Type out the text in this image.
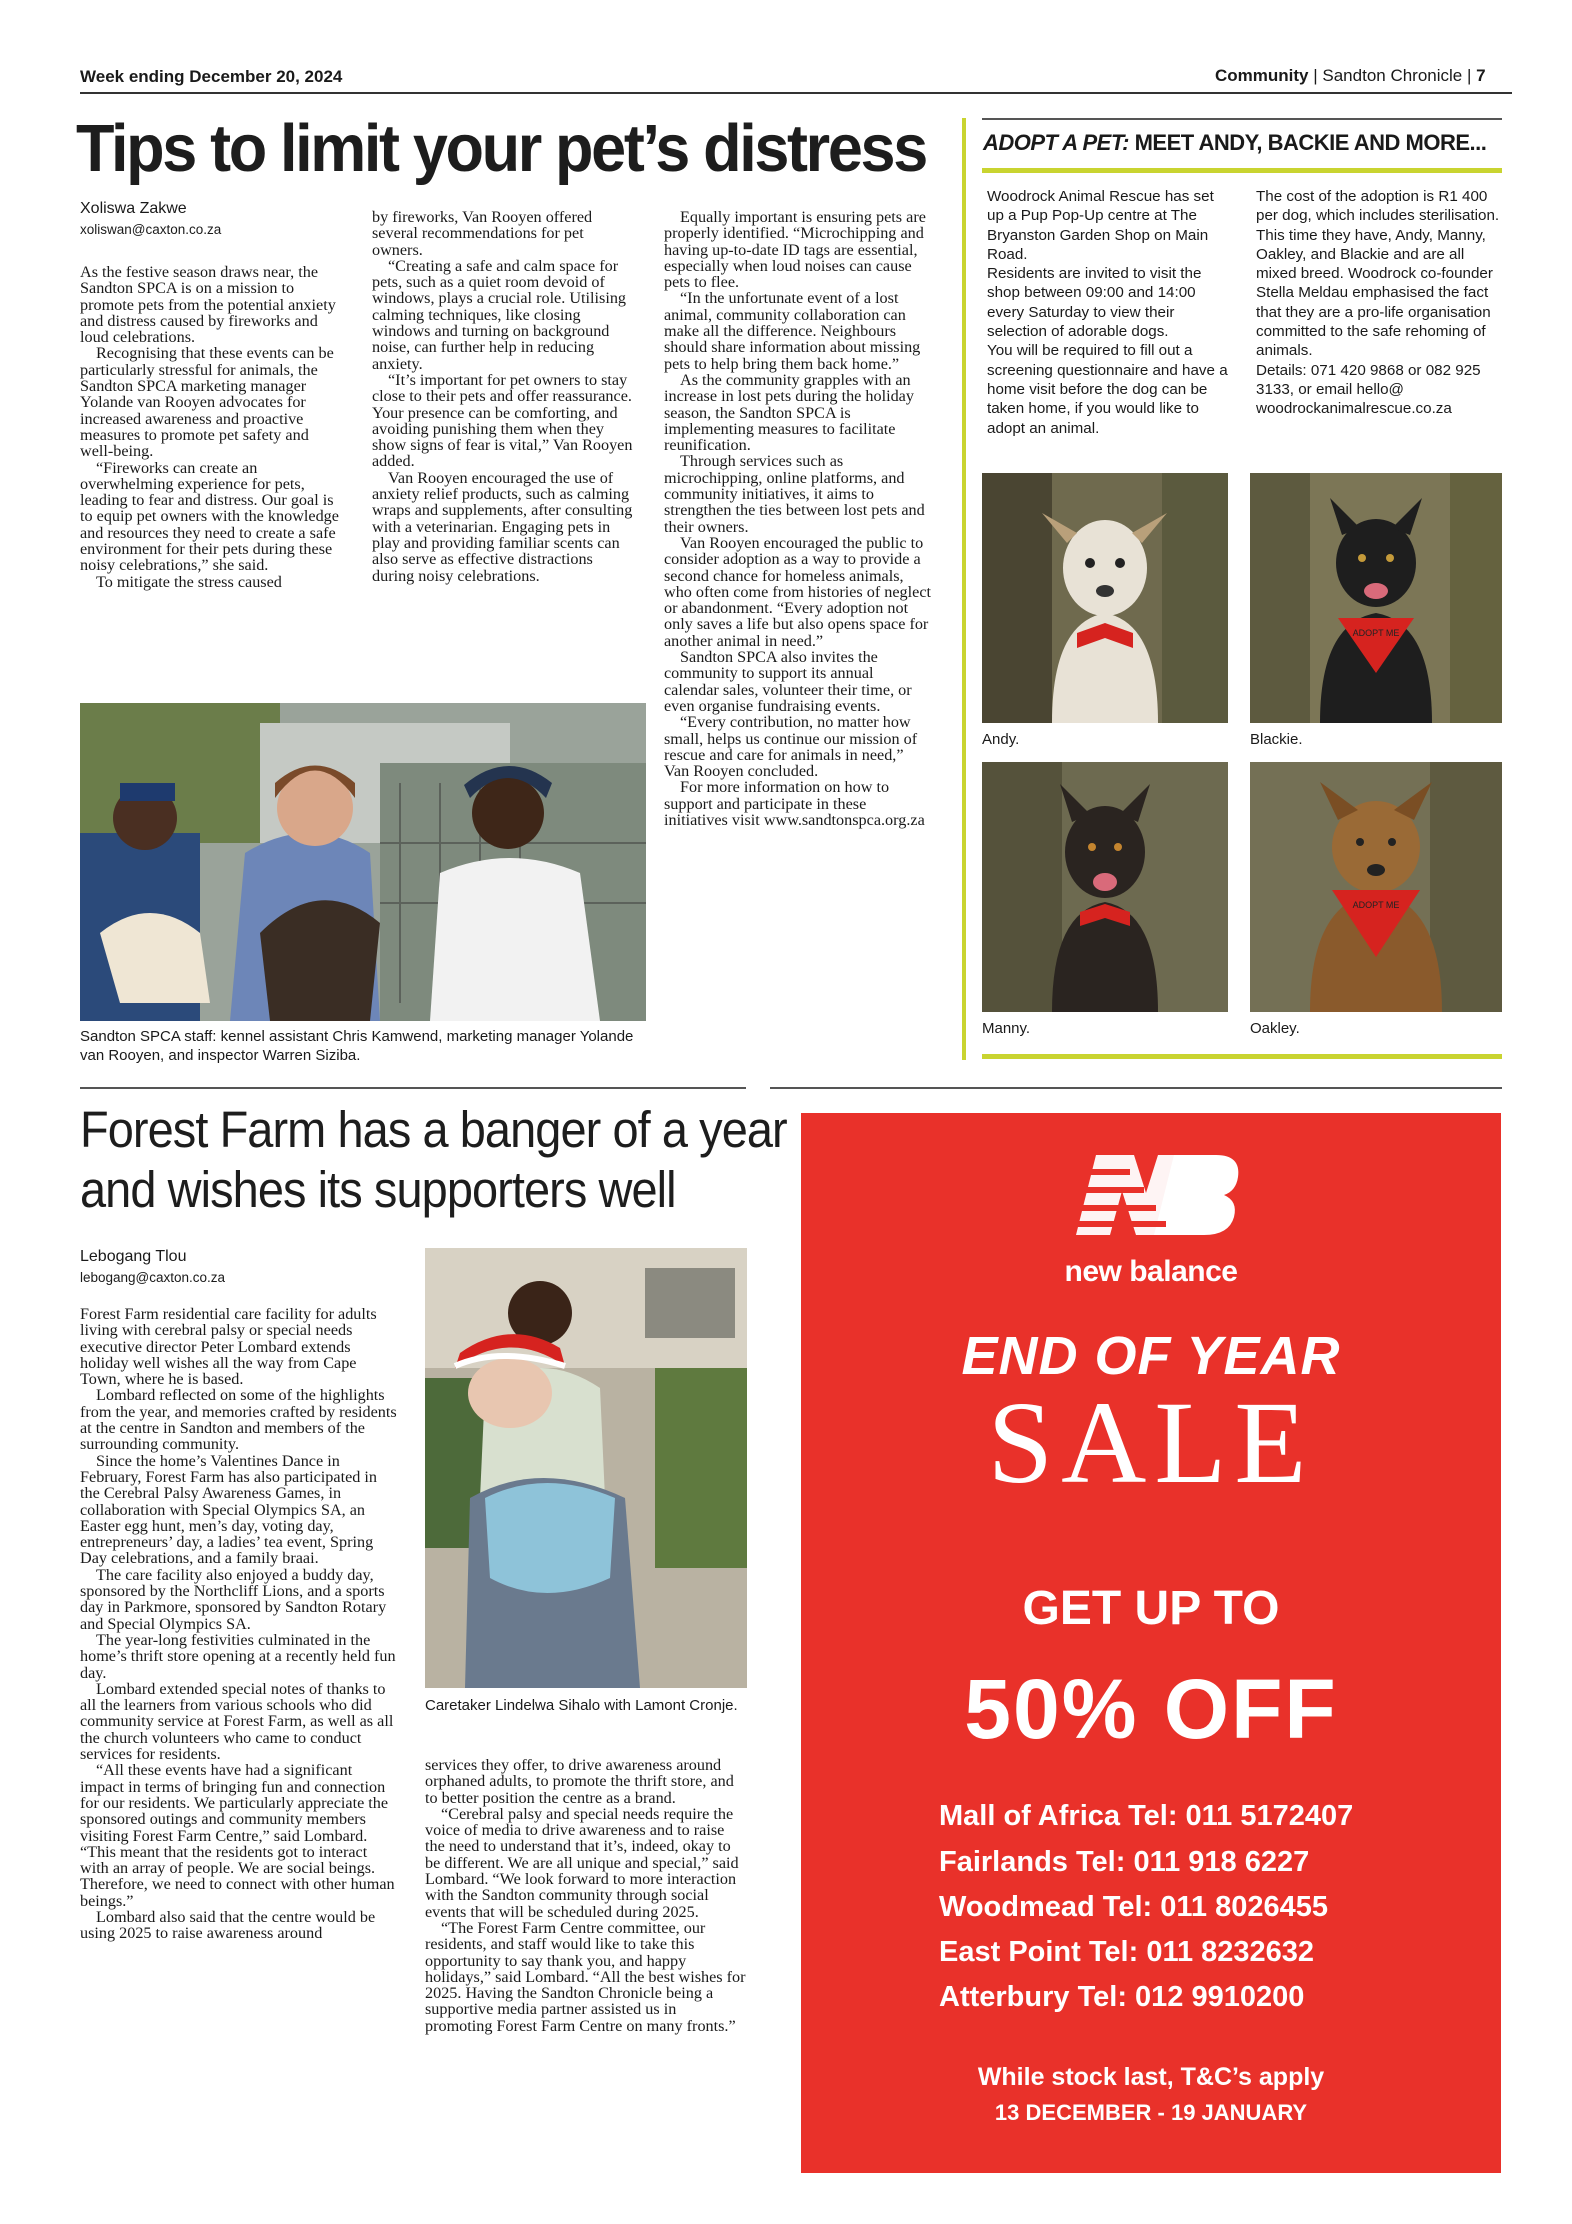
Week ending December 20, 2024	Community | Sandton Chronicle | 7
Tips to limit your pet’s distress
Xoliswa Zakwe
xoliswan@caxton.co.za

As the festive season draws near, the Sandton SPCA is on a mission to promote pets from the potential anxiety and distress caused by fireworks and loud celebrations.

Recognising that these events can be particularly stressful for animals, the Sandton SPCA marketing manager Yolande van Rooyen advocates for increased awareness and proactive measures to promote pet safety and well-being.

“Fireworks can create an overwhelming experience for pets, leading to fear and distress. Our goal is to equip pet owners with the knowledge and resources they need to create a safe environment for their pets during these noisy celebrations,” she said.

To mitigate the stress caused

by fireworks, Van Rooyen offered several recommendations for pet owners.

“Creating a safe and calm space for pets, such as a quiet room devoid of windows, plays a crucial role. Utilising calming techniques, like closing windows and turning on background noise, can further help in reducing anxiety.

“It’s important for pet owners to stay close to their pets and offer reassurance. Your presence can be comforting, and avoiding punishing them when they show signs of fear is vital,” Van Rooyen added.

Van Rooyen encouraged the use of anxiety relief products, such as calming wraps and supplements, after consulting with a veterinarian. Engaging pets in play and providing familiar scents can also serve as effective distractions during noisy celebrations.

Equally important is ensuring pets are properly identified. “Microchipping and having up-to-date ID tags are essential, especially when loud noises can cause pets to flee.

“In the unfortunate event of a lost animal, community collaboration can make all the difference. Neighbours should share information about missing pets to help bring them back home.”

As the community grapples with an increase in lost pets during the holiday season, the Sandton SPCA is implementing measures to facilitate reunification.

Through services such as microchipping, online platforms, and community initiatives, it aims to strengthen the ties between lost pets and their owners.

Van Rooyen encouraged the public to consider adoption as a way to provide a second chance for homeless animals, who often come from histories of neglect or abandonment. “Every adoption not only saves a life but also opens space for another animal in need.”

Sandton SPCA also invites the community to support its annual calendar sales, volunteer their time, or even organise fundraising events.

“Every contribution, no matter how small, helps us continue our mission of rescue and care for animals in need,” Van Rooyen concluded.

For more information on how to support and participate in these initiatives visit www.sandtonspca.org.za

Sandton SPCA staff: kennel assistant Chris Kamwend, marketing manager Yolande van Rooyen, and inspector Warren Siziba.
ADOPT A PET: MEET ANDY, BACKIE AND MORE...

Woodrock Animal Rescue has set up a Pup Pop-Up centre at The Bryanston Garden Shop on Main Road.

Residents are invited to visit the shop between 09:00 and 14:00 every Saturday to view their selection of adorable dogs.

You will be required to fill out a screening questionnaire and have a home visit before the dog can be taken home, if you would like to adopt an animal.

The cost of the adoption is R1 400 per dog, which includes sterilisation.

This time they have, Andy, Manny, Oakley, and Blackie and are all mixed breed. Woodrock co-founder Stella Meldau emphasised the fact that they are a pro-life organisation committed to the safe rehoming of animals.

Details: 071 420 9868 or 082 925 3133, or email hello@ woodrockanimalrescue.co.za

Andy.
ADOPT ME
Blackie.
Manny.
ADOPT ME
Oakley.
Forest Farm has a banger of a year
and wishes its supporters well
Lebogang Tlou
lebogang@caxton.co.za

Forest Farm residential care facility for adults living with cerebral palsy or special needs executive director Peter Lombard extends holiday well wishes all the way from Cape Town, where he is based.

Lombard reflected on some of the highlights from the year, and memories crafted by residents at the centre in Sandton and members of the surrounding community.

Since the home’s Valentines Dance in February, Forest Farm has also participated in the Cerebral Palsy Awareness Games, in collaboration with Special Olympics SA, an Easter egg hunt, men’s day, voting day, entrepreneurs’ day, a ladies’ tea event, Spring Day celebrations, and a family braai.

The care facility also enjoyed a buddy day, sponsored by the Northcliff Lions, and a sports day in Parkmore, sponsored by Sandton Rotary and Special Olympics SA.

The year-long festivities culminated in the home’s thrift store opening at a recently held fun day.

Lombard extended special notes of thanks to all the learners from various schools who did community service at Forest Farm, as well as all the church volunteers who came to conduct services for residents.

“All these events have had a significant impact in terms of bringing fun and connection for our residents. We particularly appreciate the sponsored outings and community members visiting Forest Farm Centre,” said Lombard. “This meant that the residents got to interact with an array of people. We are social beings. Therefore, we need to connect with other human beings.”

Lombard also said that the centre would be using 2025 to raise awareness around

Caretaker Lindelwa Sihalo with Lamont Cronje.

services they offer, to drive awareness around orphaned adults, to promote the thrift store, and to better position the centre as a brand.

“Cerebral palsy and special needs require the voice of media to drive awareness and to raise the need to understand that it’s, indeed, okay to be different. We are all unique and special,” said Lombard. “We look forward to more interaction with the Sandton community through social events that will be scheduled during 2025.

“The Forest Farm Centre committee, our residents, and staff would like to take this opportunity to say thank you, and happy holidays,” said Lombard. “All the best wishes for 2025. Having the Sandton Chronicle being a supportive media partner assisted us in promoting Forest Farm Centre on many fronts.”

new balance
END OF YEAR
SALE
GET UP TO
50% OFF
Mall of Africa Tel: 011 5172407
Fairlands Tel: 011 918 6227
Woodmead Tel: 011 8026455
East Point Tel: 011 8232632
Atterbury Tel: 012 9910200
While stock last, T&C’s apply
13 DECEMBER - 19 JANUARY
